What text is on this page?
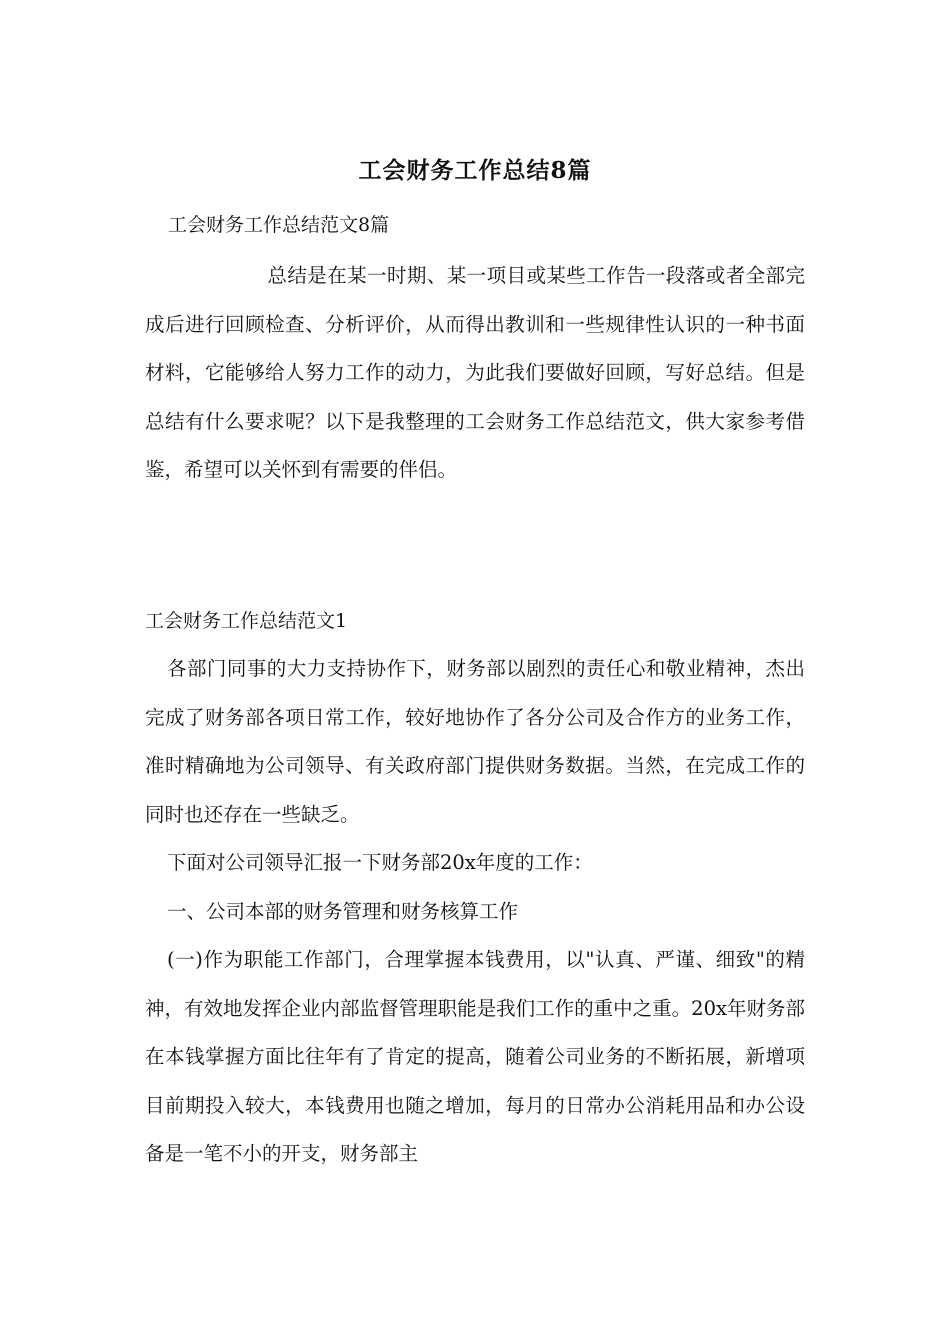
工会财务工作总结8篇
工会财务工作总结范文8篇
总结是在某一时期、某一项目或某些工作告一段落或者全部完成后进行回顾检查、分析评价，从而得出教训和一些规律性认识的一种书面材料，它能够给人努力工作的动力，为此我们要做好回顾，写好总结。但是总结有什么要求呢？以下是我整理的工会财务工作总结范文，供大家参考借鉴，希望可以关怀到有需要的伴侣。
工会财务工作总结范文1

各部门同事的大力支持协作下，财务部以剧烈的责任心和敬业精神，杰出完成了财务部各项日常工作，较好地协作了各分公司及合作方的业务工作，准时精确地为公司领导、有关政府部门提供财务数据。当然，在完成工作的同时也还存在一些缺乏。

下面对公司领导汇报一下财务部20x年度的工作：

一、公司本部的财务管理和财务核算工作

(一)作为职能工作部门，合理掌握本钱费用，以"认真、严谨、细致"的精神，有效地发挥企业内部监督管理职能是我们工作的重中之重。20x年财务部在本钱掌握方面比往年有了肯定的提高，随着公司业务的不断拓展，新增项目前期投入较大，本钱费用也随之增加，每月的日常办公消耗用品和办公设备是一笔不小的开支，财务部主
